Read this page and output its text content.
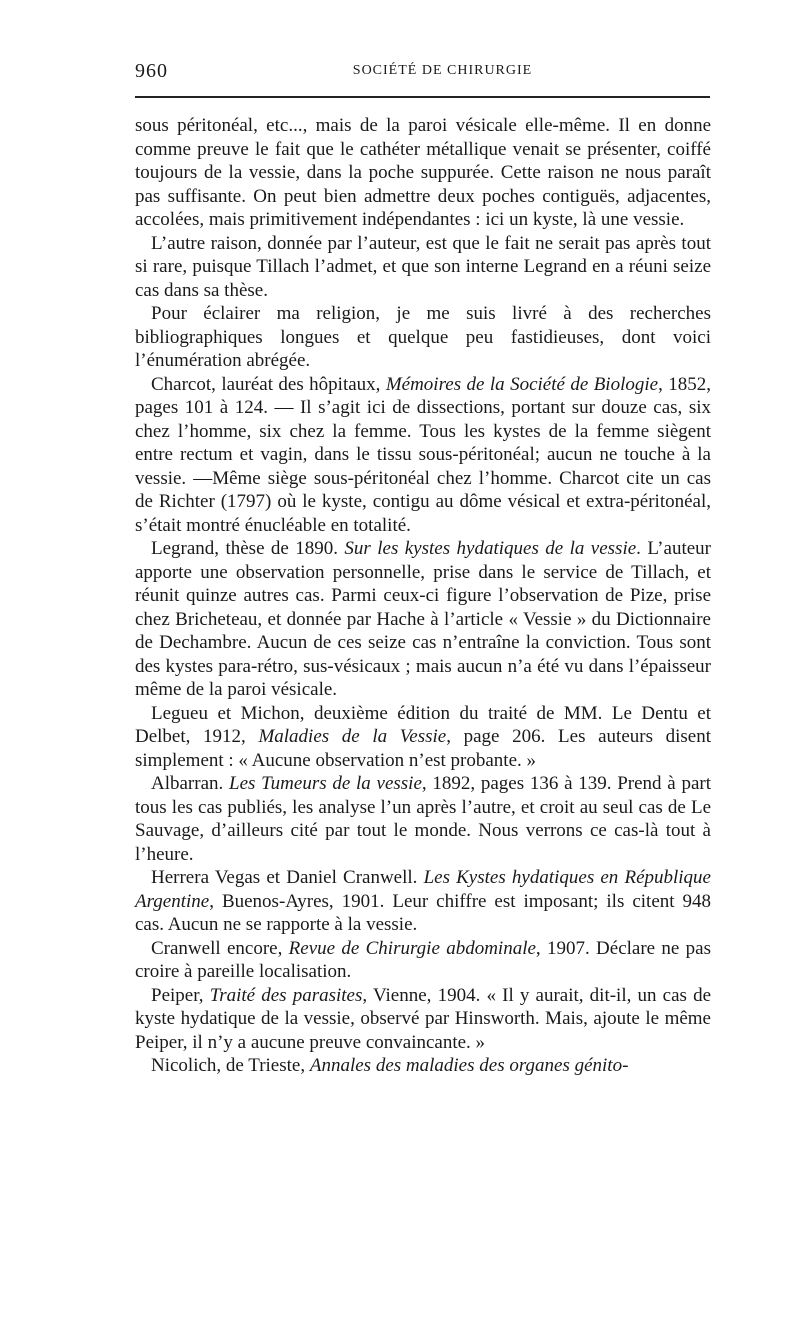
960	SOCIÉTÉ DE CHIRURGIE

sous péritonéal, etc..., mais de la paroi vésicale elle-même. Il en donne comme preuve le fait que le cathéter métallique venait se présenter, coiffé toujours de la vessie, dans la poche suppurée. Cette raison ne nous paraît pas suffisante. On peut bien admettre deux poches contiguës, adjacentes, accolées, mais primitivement indépendantes : ici un kyste, là une vessie.

L’autre raison, donnée par l’auteur, est que le fait ne serait pas après tout si rare, puisque Tillach l’admet, et que son interne Legrand en a réuni seize cas dans sa thèse.

Pour éclairer ma religion, je me suis livré à des recherches bibliographiques longues et quelque peu fastidieuses, dont voici l’énumération abrégée.

Charcot, lauréat des hôpitaux, Mémoires de la Société de Biologie, 1852, pages 101 à 124. — Il s’agit ici de dissections, portant sur douze cas, six chez l’homme, six chez la femme. Tous les kystes de la femme siègent entre rectum et vagin, dans le tissu sous-péritonéal; aucun ne touche à la vessie. —Même siège sous-péritonéal chez l’homme. Charcot cite un cas de Richter (1797) où le kyste, contigu au dôme vésical et extra-péritonéal, s’était montré énucléable en totalité.

Legrand, thèse de 1890. Sur les kystes hydatiques de la vessie. L’auteur apporte une observation personnelle, prise dans le service de Tillach, et réunit quinze autres cas. Parmi ceux-ci figure l’observation de Pize, prise chez Bricheteau, et donnée par Hache à l’article « Vessie » du Dictionnaire de Dechambre. Aucun de ces seize cas n’entraîne la conviction. Tous sont des kystes para-rétro, sus-vésicaux ; mais aucun n’a été vu dans l’épaisseur même de la paroi vésicale.

Legueu et Michon, deuxième édition du traité de MM. Le Dentu et Delbet, 1912, Maladies de la Vessie, page 206. Les auteurs disent simplement : « Aucune observation n’est probante. »

Albarran. Les Tumeurs de la vessie, 1892, pages 136 à 139. Prend à part tous les cas publiés, les analyse l’un après l’autre, et croit au seul cas de Le Sauvage, d’ailleurs cité par tout le monde. Nous verrons ce cas-là tout à l’heure.

Herrera Vegas et Daniel Cranwell. Les Kystes hydatiques en République Argentine, Buenos-Ayres, 1901. Leur chiffre est imposant; ils citent 948 cas. Aucun ne se rapporte à la vessie.

Cranwell encore, Revue de Chirurgie abdominale, 1907. Déclare ne pas croire à pareille localisation.

Peiper, Traité des parasites, Vienne, 1904. « Il y aurait, dit-il, un cas de kyste hydatique de la vessie, observé par Hinsworth. Mais, ajoute le même Peiper, il n’y a aucune preuve convaincante. »

Nicolich, de Trieste, Annales des maladies des organes génito-
